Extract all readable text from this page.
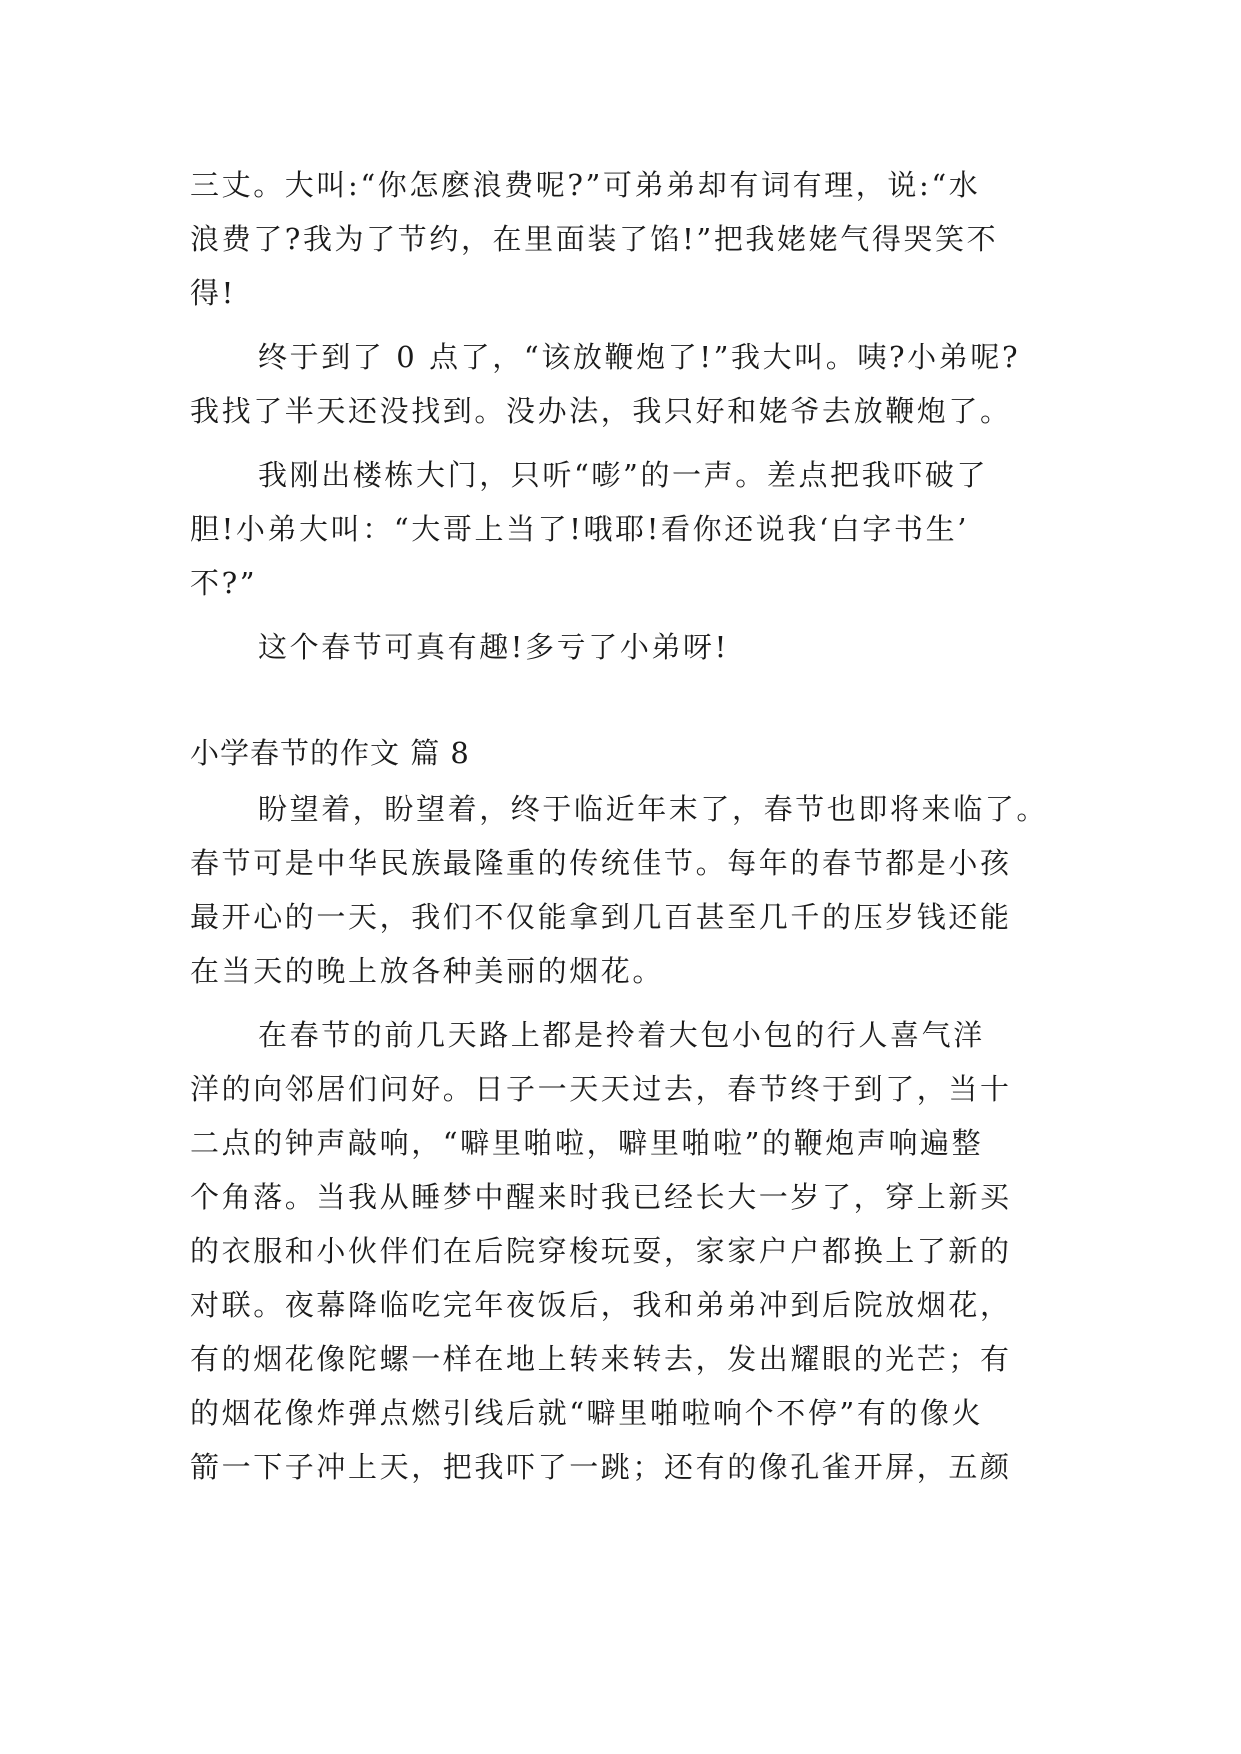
三丈。大叫:“你怎麽浪费呢?”可弟弟却有词有理，说:“水

浪费了?我为了节约，在里面装了馅!”把我姥姥气得哭笑不

得!

终于到了 0 点了，“该放鞭炮了!”我大叫。咦?小弟呢?

我找了半天还没找到。没办法，我只好和姥爷去放鞭炮了。

我刚出楼栋大门，只听“嘭”的一声。差点把我吓破了

胆!小弟大叫：“大哥上当了!哦耶!看你还说我‘白字书生’

不?”

这个春节可真有趣!多亏了小弟呀!

小学春节的作文 篇 8

盼望着，盼望着，终于临近年末了，春节也即将来临了。

春节可是中华民族最隆重的传统佳节。每年的春节都是小孩

最开心的一天，我们不仅能拿到几百甚至几千的压岁钱还能

在当天的晚上放各种美丽的烟花。

在春节的前几天路上都是拎着大包小包的行人喜气洋

洋的向邻居们问好。日子一天天过去，春节终于到了，当十

二点的钟声敲响，“噼里啪啦，噼里啪啦”的鞭炮声响遍整

个角落。当我从睡梦中醒来时我已经长大一岁了，穿上新买

的衣服和小伙伴们在后院穿梭玩耍，家家户户都换上了新的

对联。夜幕降临吃完年夜饭后，我和弟弟冲到后院放烟花，

有的烟花像陀螺一样在地上转来转去，发出耀眼的光芒；有

的烟花像炸弹点燃引线后就“噼里啪啦响个不停”有的像火

箭一下子冲上天，把我吓了一跳；还有的像孔雀开屏，五颜
